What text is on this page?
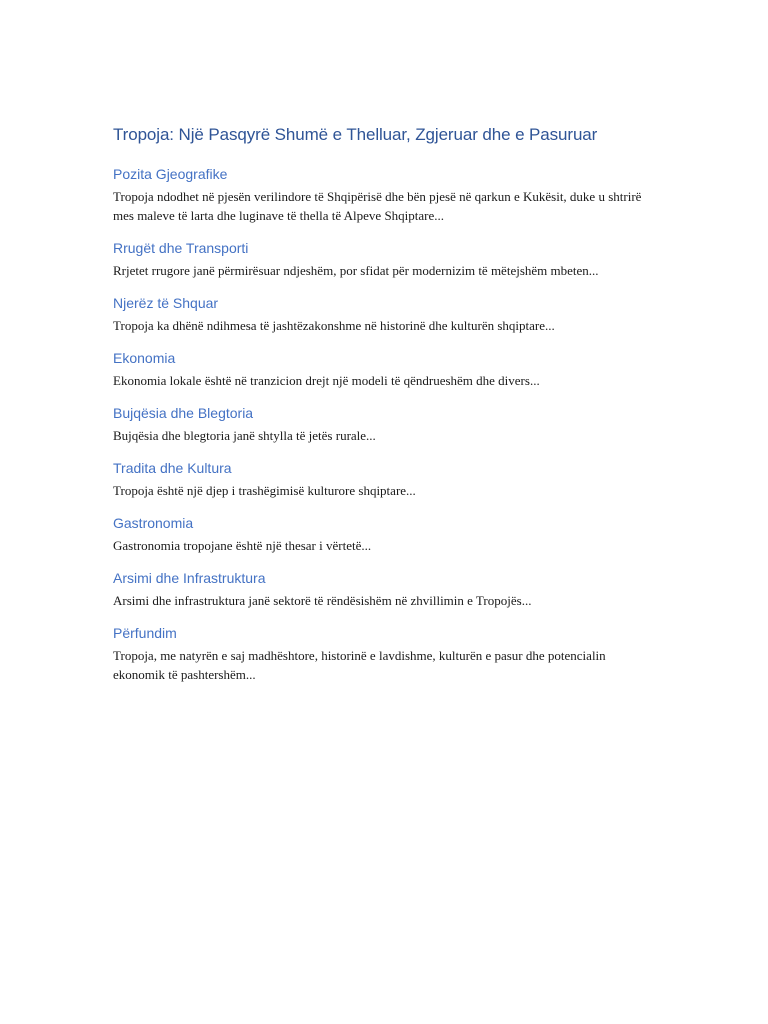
Tropoja: Një Pasqyrë Shumë e Thelluar, Zgjeruar dhe e Pasuruar
Pozita Gjeografike

Tropoja ndodhet në pjesën verilindore të Shqipërisë dhe bën pjesë në qarkun e Kukësit, duke u shtrirë mes maleve të larta dhe luginave të thella të Alpeve Shqiptare...

Rrugët dhe Transporti

Rrjetet rrugore janë përmirësuar ndjeshëm, por sfidat për modernizim të mëtejshëm mbeten...

Njerëz të Shquar

Tropoja ka dhënë ndihmesa të jashtëzakonshme në historinë dhe kulturën shqiptare...

Ekonomia

Ekonomia lokale është në tranzicion drejt një modeli të qëndrueshëm dhe divers...

Bujqësia dhe Blegtoria

Bujqësia dhe blegtoria janë shtylla të jetës rurale...

Tradita dhe Kultura

Tropoja është një djep i trashëgimisë kulturore shqiptare...

Gastronomia

Gastronomia tropojane është një thesar i vërtetë...

Arsimi dhe Infrastruktura

Arsimi dhe infrastruktura janë sektorë të rëndësishëm në zhvillimin e Tropojës...

Përfundim

Tropoja, me natyrën e saj madhështore, historinë e lavdishme, kulturën e pasur dhe potencialin ekonomik të pashtershëm...
